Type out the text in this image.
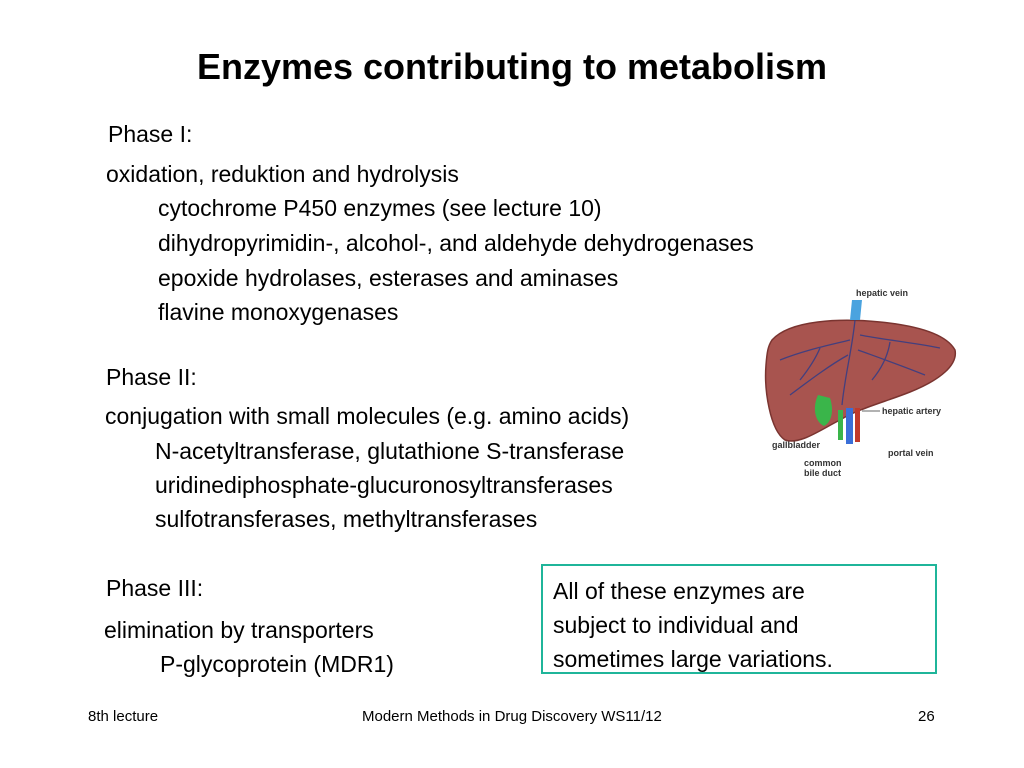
Enzymes contributing to metabolism
Phase I:
oxidation, reduktion and hydrolysis
cytochrome P450 enzymes (see lecture 10)
dihydropyrimidin-, alcohol-, and aldehyde dehydrogenases
epoxide hydrolases, esterases and aminases
flavine monoxygenases
Phase II:
conjugation with small molecules (e.g. amino acids)
N-acetyltransferase, glutathione S-transferase
uridinediphosphate-glucuronosyltransferases
sulfotransferases, methyltransferases
Phase III:
elimination by transporters
P-glycoprotein (MDR1)
All of these enzymes are
subject to individual and
sometimes large variations.
hepatic vein
hepatic artery
gallbladder
portal vein
common
bile duct
8th lecture	Modern Methods in Drug Discovery WS11/12	26
